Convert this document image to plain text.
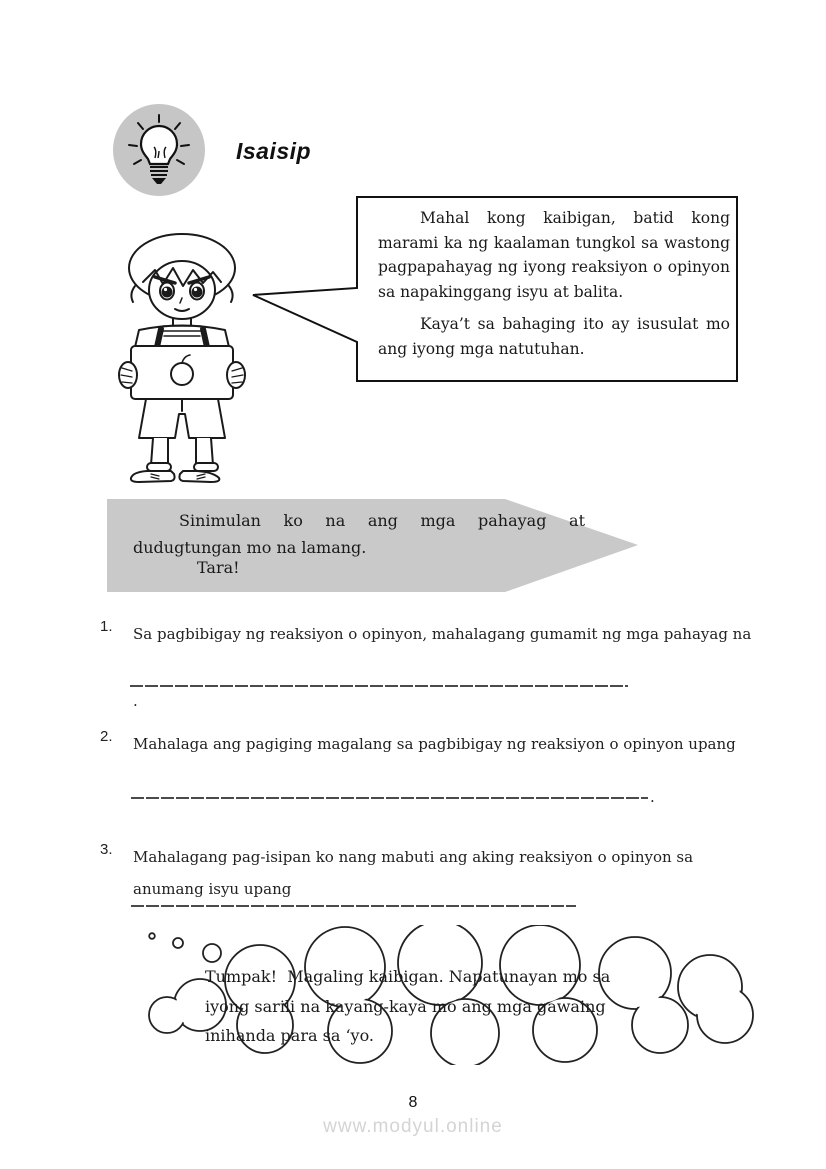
Isaisip

Mahal kong kaibigan, batid kong marami ka ng kaalaman tungkol sa wastong pagpapahayag ng iyong reaksiyon o opinyon sa napakinggang isyu at balita.

Kaya’t sa bahaging ito ay isusulat mo ang iyong mga natutuhan.

Sinimulan ko na ang mga pahayag at dudugtungan mo na lamang.

Tara!
1.	Sa pagbibigay ng reaksiyon o opinyon, mahalagang gumamit ng mga pahayag na
.
2.	Mahalaga ang pagiging magalang sa pagbibigay ng reaksiyon o opinyon upang
.
3.	Mahalagang pag-isipan ko nang mabuti ang aking reaksiyon o opinyon sa
anumang isyu upang
Tumpak!  Magaling kaibigan. Napatunayan mo sa
iyong sarili na kayang-kaya mo ang mga gawaing
inihanda para sa ‘yo.
8
www.modyul.online
